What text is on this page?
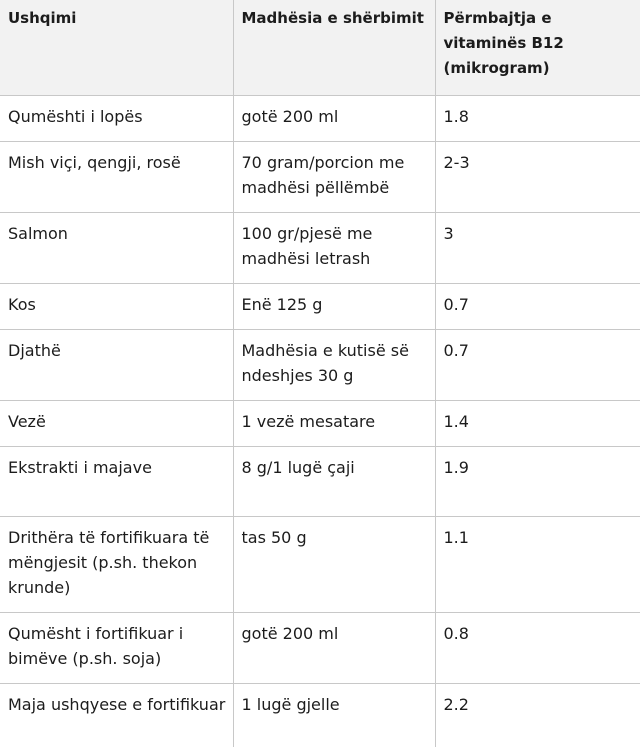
Ushqimi	Madhësia e shërbimit	Përmbajtja e vitaminës B12 (mikrogram)
Qumështi i lopës	gotë 200 ml	1.8
Mish viçi, qengji, rosë	70 gram/porcion me madhësi pëllëmbë	2-3
Salmon	100 gr/pjesë me madhësi letrash	3
Kos	Enë 125 g	0.7
Djathë	Madhësia e kutisë së ndeshjes 30 g	0.7
Vezë	1 vezë mesatare	1.4
Ekstrakti i majave	8 g/1 lugë çaji	1.9
Drithëra të fortifikuara të mëngjesit (p.sh. thekon krunde)	tas 50 g	1.1
Qumësht i fortifikuar i bimëve (p.sh. soja)	gotë 200 ml	0.8
Maja ushqyese e fortifikuar	1 lugë gjelle	2.2
